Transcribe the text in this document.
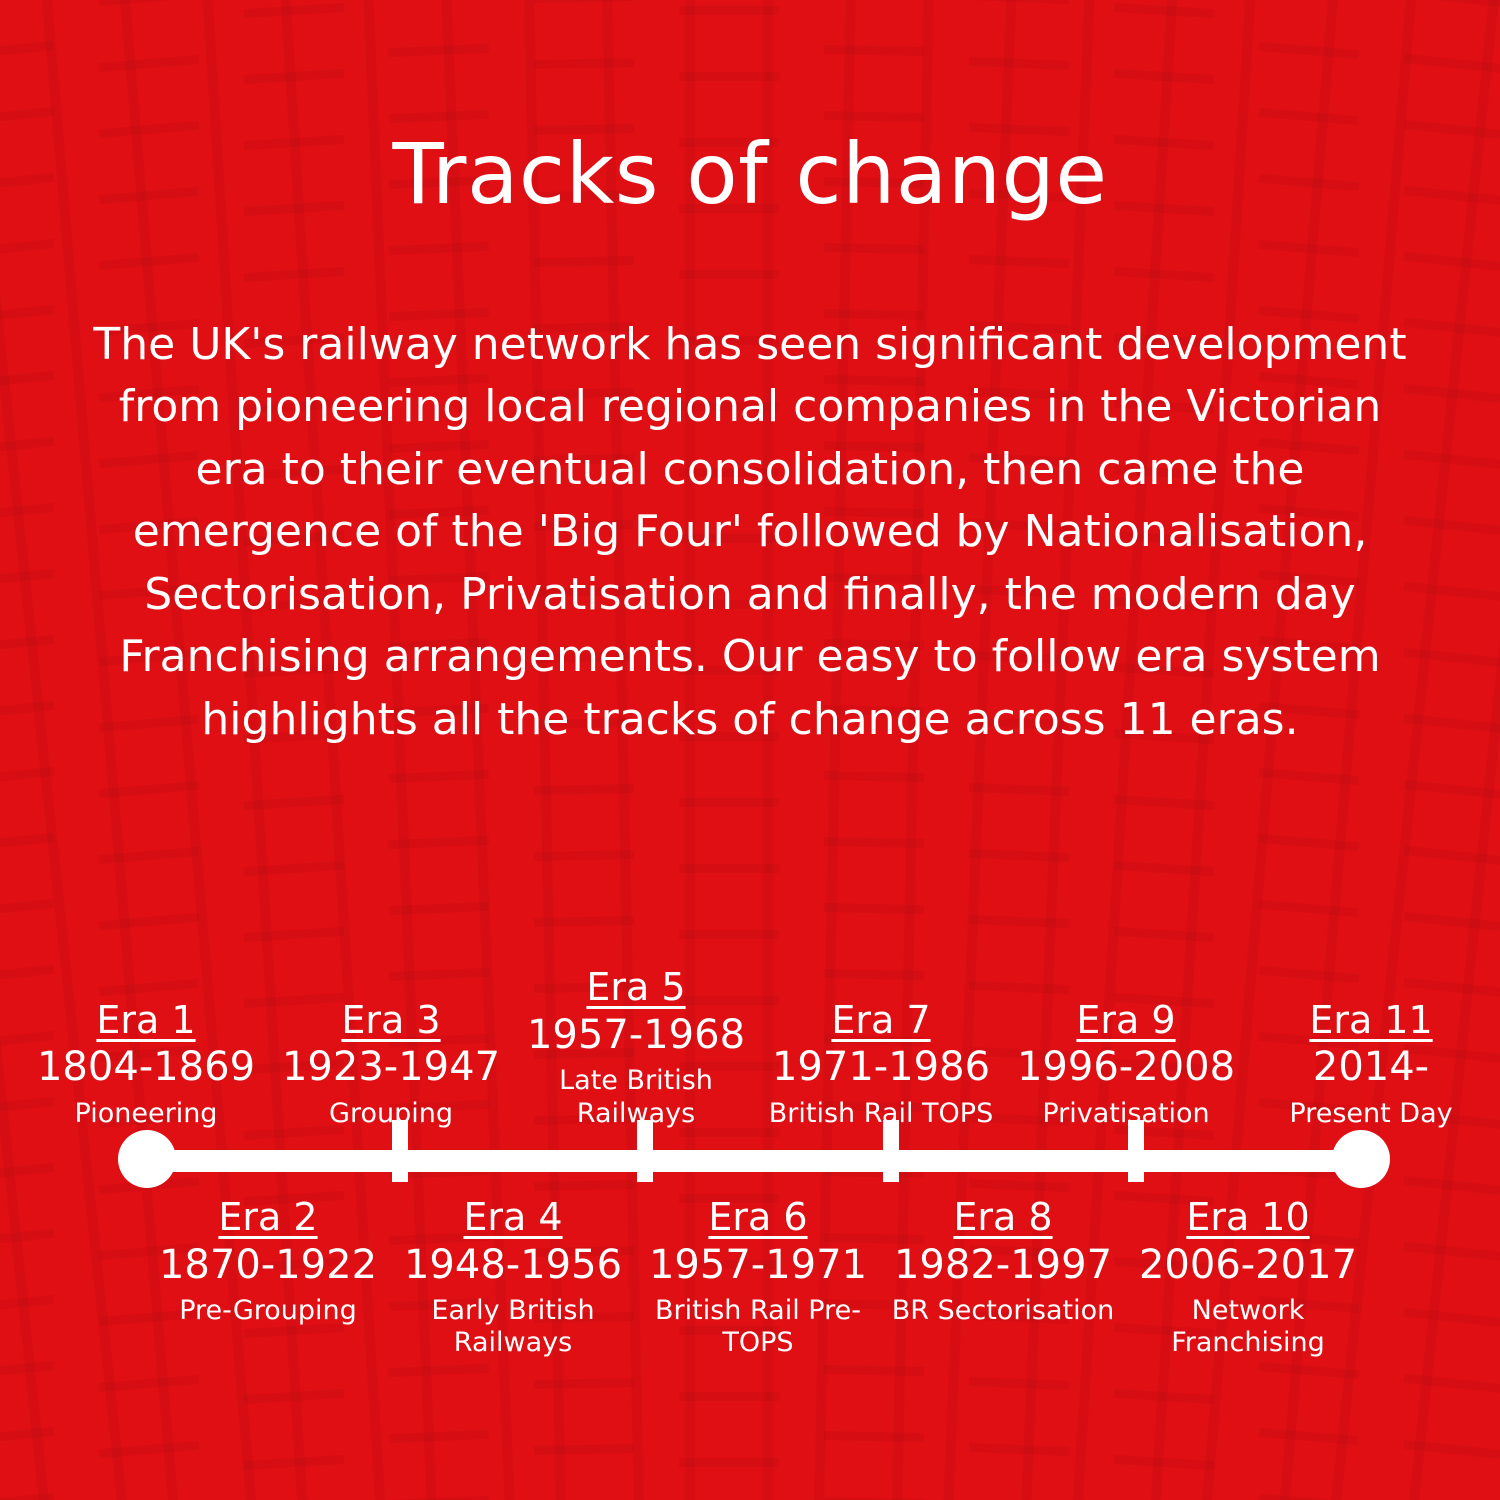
Tracks of change

The UK's railway network has seen significant development from pioneering local regional companies in the Victorian era to their eventual consolidation, then came the emergence of the 'Big Four' followed by Nationalisation, Sectorisation, Privatisation and finally, the modern day Franchising arrangements. Our easy to follow era system highlights all the tracks of change across 11 eras.

Era 1
1804-1869
Pioneering
Era 2
1870-1922
Pre-Grouping
Era 3
1923-1947
Grouping
Era 4
1948-1956
Early British Railways
Era 5
1957-1968
Late British Railways
Era 6
1957-1971
British Rail Pre-TOPS
Era 7
1971-1986
British Rail TOPS
Era 8
1982-1997
BR Sectorisation
Era 9
1996-2008
Privatisation
Era 10
2006-2017
Network Franchising
Era 11
2014-
Present Day
